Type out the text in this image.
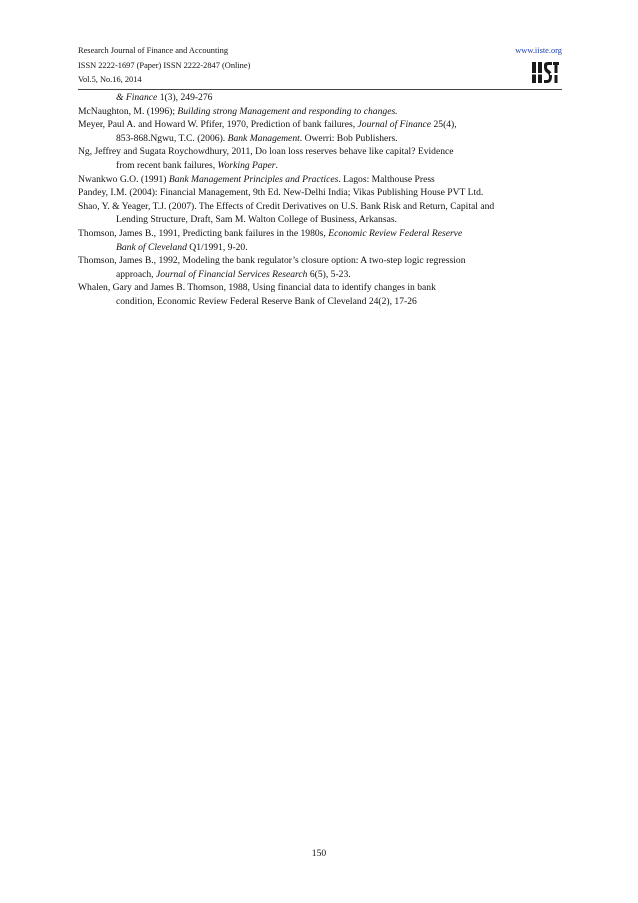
Research Journal of Finance and Accounting
ISSN 2222-1697 (Paper) ISSN 2222-2847 (Online)
Vol.5, No.16, 2014
www.iiste.org
& Finance 1(3), 249-276
McNaughton, M. (1996); Building strong Management and responding to changes.
Meyer, Paul A. and Howard W. Pfifer, 1970, Prediction of bank failures, Journal of Finance 25(4),
853-868.Ngwu, T.C. (2006). Bank Management. Owerri: Bob Publishers.
Ng, Jeffrey and Sugata Roychowdhury, 2011, Do loan loss reserves behave like capital? Evidence
from recent bank failures, Working Paper.
Nwankwo G.O. (1991) Bank Management Principles and Practices. Lagos: Malthouse Press
Pandey, I.M. (2004): Financial Management, 9th Ed. New-Delhi India; Vikas Publishing House PVT Ltd.
Shao, Y. & Yeager, T.J. (2007). The Effects of Credit Derivatives on U.S. Bank Risk and Return, Capital and
Lending Structure, Draft, Sam M. Walton College of Business, Arkansas.
Thomson, James B., 1991, Predicting bank failures in the 1980s, Economic Review Federal Reserve
Bank of Cleveland Q1/1991, 9-20.
Thomson, James B., 1992, Modeling the bank regulator’s closure option: A two-step logic regression
approach, Journal of Financial Services Research 6(5), 5-23.
Whalen, Gary and James B. Thomson, 1988, Using financial data to identify changes in bank
condition, Economic Review Federal Reserve Bank of Cleveland 24(2), 17-26
150
